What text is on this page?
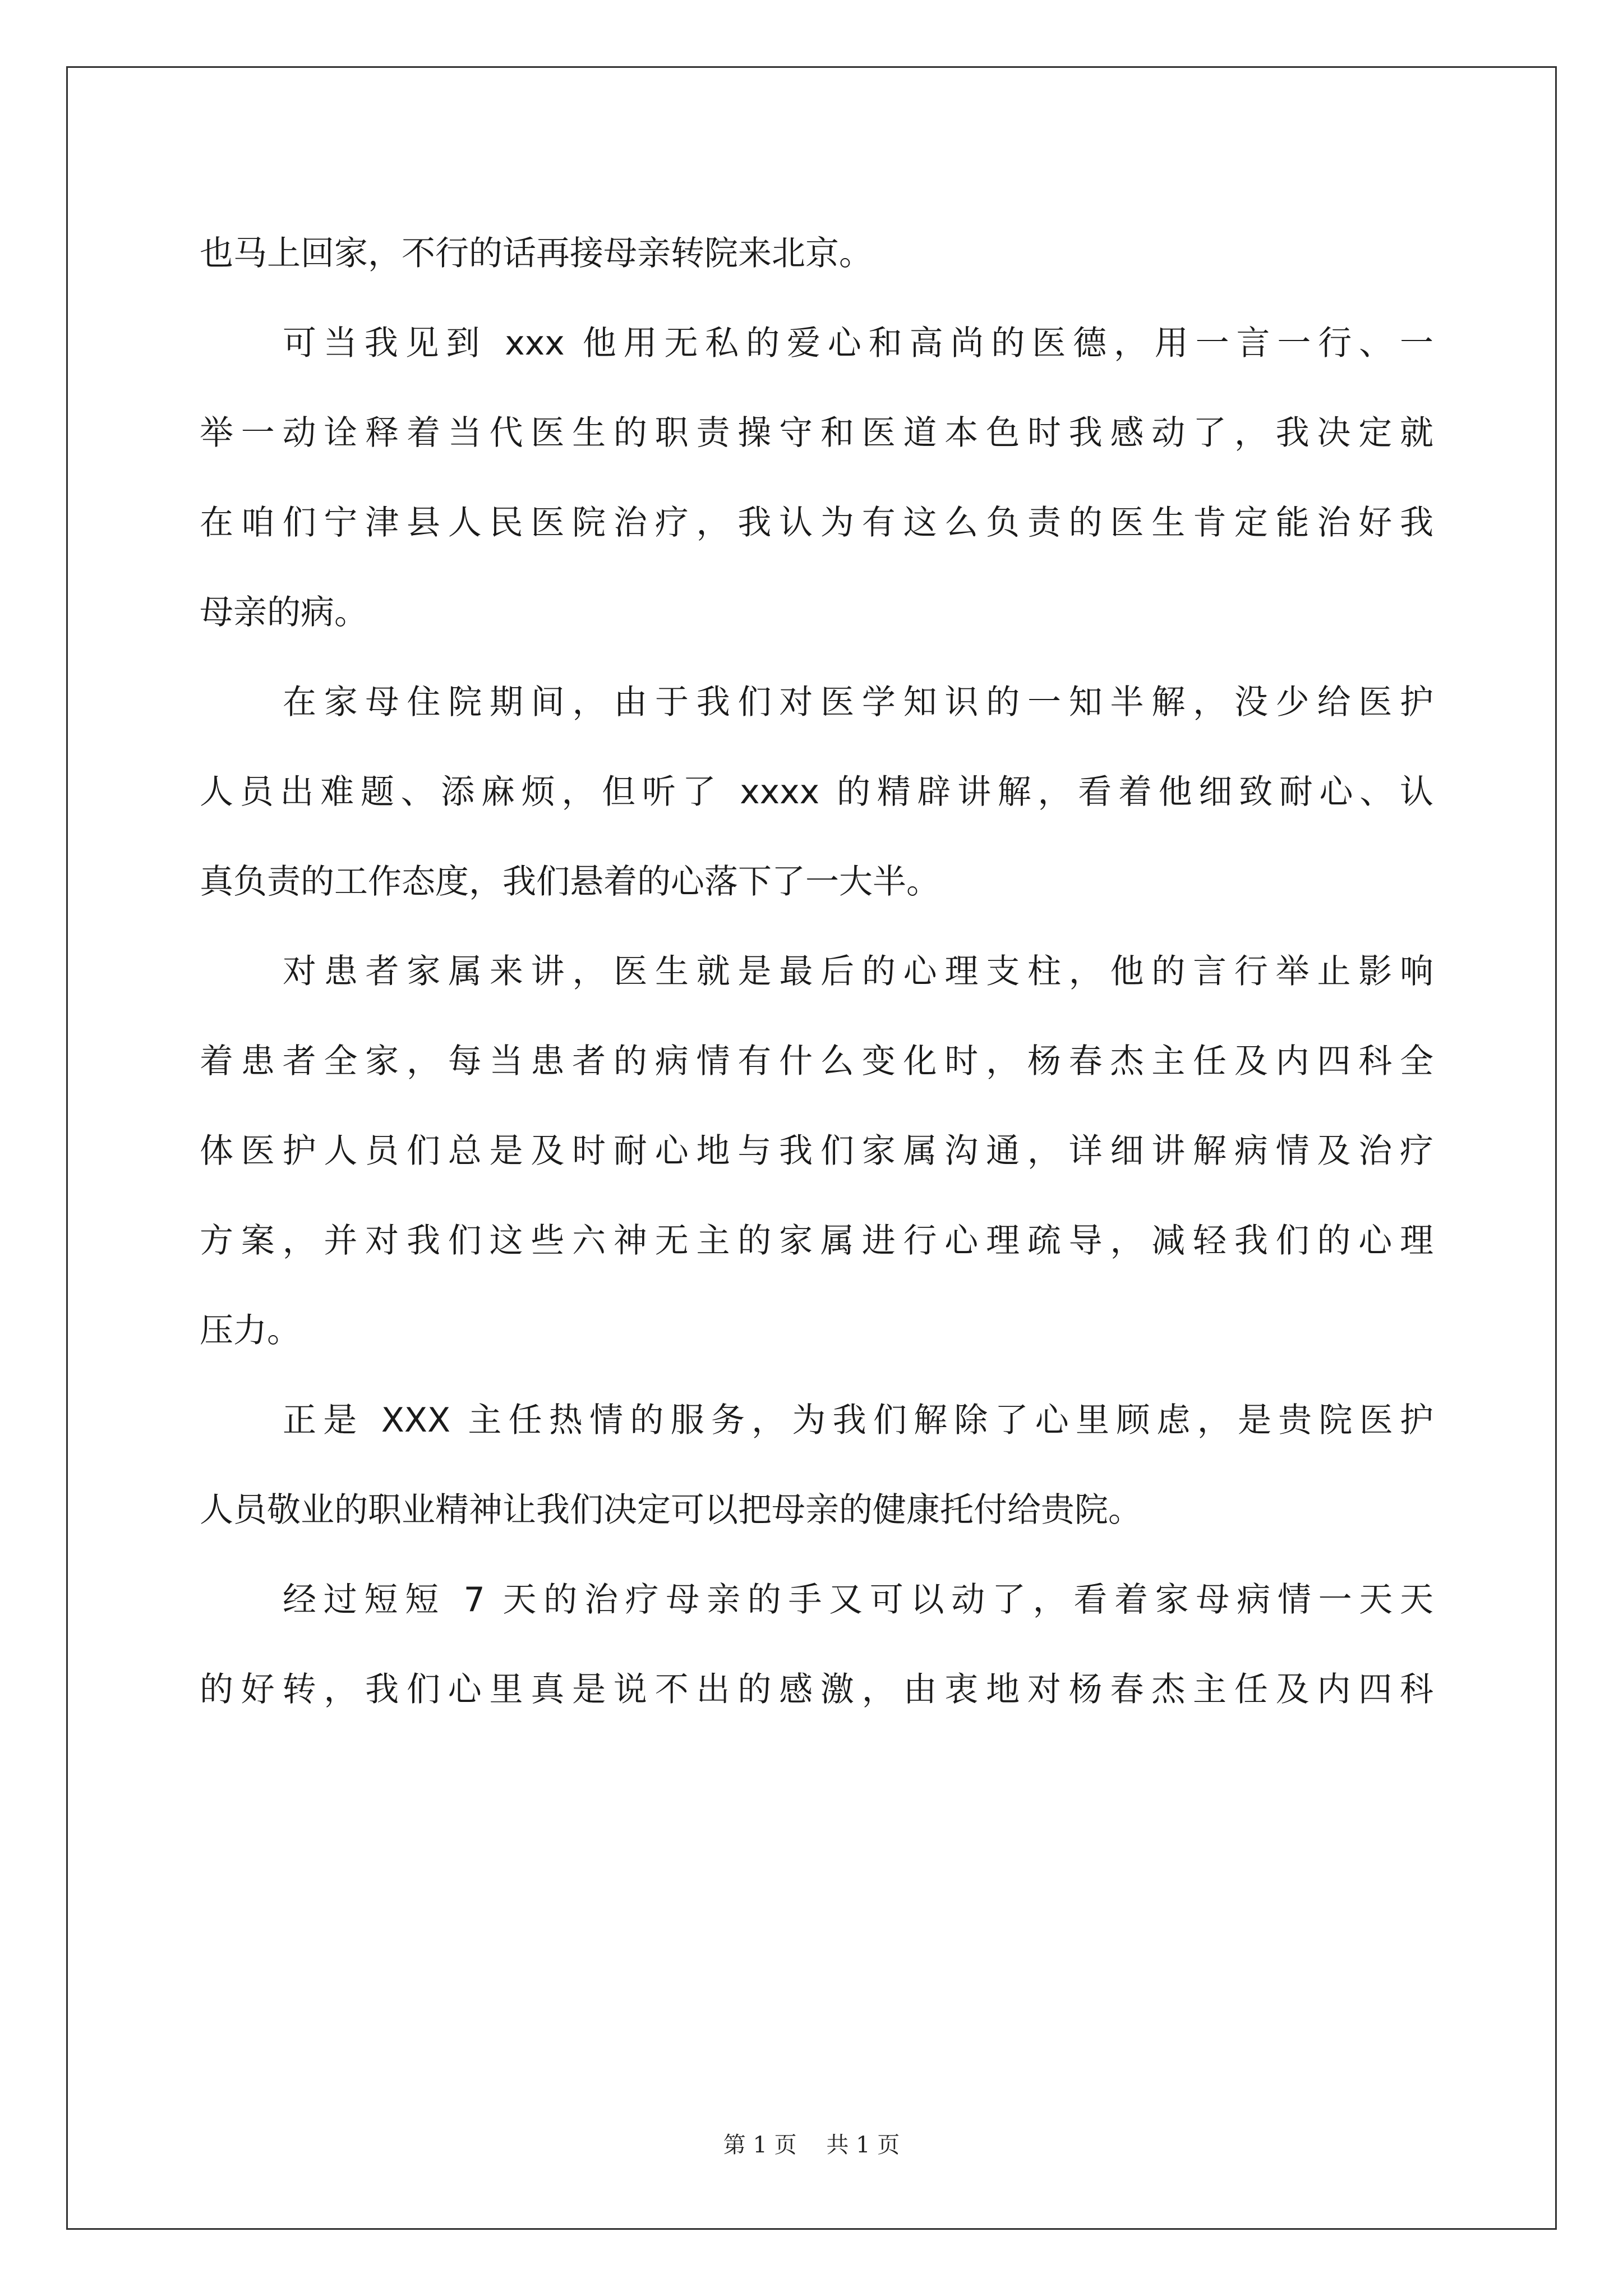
也马上回家，不行的话再接母亲转院来北京。
可当我见到 xxx 他用无私的爱心和高尚的医德，用一言一行、一
举一动诠释着当代医生的职责操守和医道本色时我感动了，我决定就
在咱们宁津县人民医院治疗，我认为有这么负责的医生肯定能治好我
母亲的病。
在家母住院期间，由于我们对医学知识的一知半解，没少给医护
人员出难题、添麻烦，但听了 xxxx 的精辟讲解，看着他细致耐心、认
真负责的工作态度，我们悬着的心落下了一大半。
对患者家属来讲，医生就是最后的心理支柱，他的言行举止影响
着患者全家，每当患者的病情有什么变化时，杨春杰主任及内四科全
体医护人员们总是及时耐心地与我们家属沟通，详细讲解病情及治疗
方案，并对我们这些六神无主的家属进行心理疏导，减轻我们的心理
压力。
正是 XXX 主任热情的服务，为我们解除了心里顾虑，是贵院医护
人员敬业的职业精神让我们决定可以把母亲的健康托付给贵院。
经过短短 7 天的治疗母亲的手又可以动了，看着家母病情一天天
的好转，我们心里真是说不出的感激，由衷地对杨春杰主任及内四科
第 1 页 共 1 页
